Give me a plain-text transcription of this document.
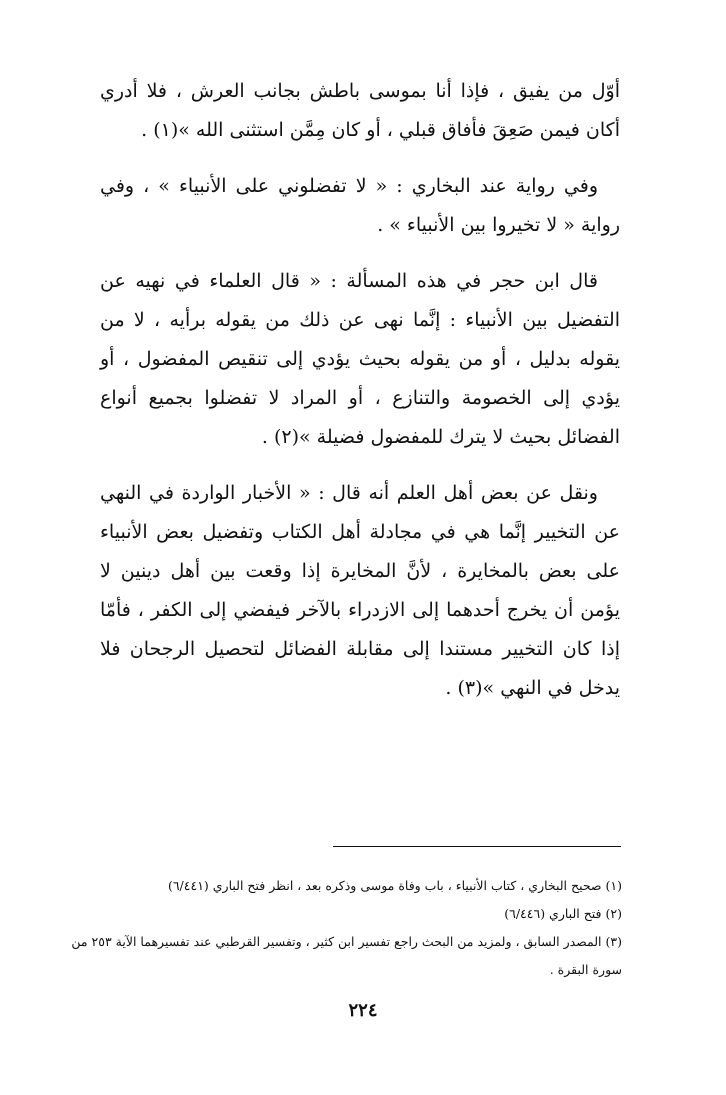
أوّل من يفيق ، فإذا أنا بموسى باطش بجانب العرش ، فلا أدري أكان فيمن صَعِقَ فأفاق قبلي ، أو كان مِمَّن استثنى الله »(١) .

وفي رواية عند البخاري : « لا تفضلوني على الأنبياء » ، وفي رواية « لا تخيروا بين الأنبياء » .

قال ابن حجر في هذه المسألة : « قال العلماء في نهيه عن التفضيل بين الأنبياء : إنَّما نهى عن ذلك من يقوله برأيه ، لا من يقوله بدليل ، أو من يقوله بحيث يؤدي إلى تنقيص المفضول ، أو يؤدي إلى الخصومة والتنازع ، أو المراد لا تفضلوا بجميع أنواع الفضائل بحيث لا يترك للمفضول فضيلة »(٢) .

ونقل عن بعض أهل العلم أنه قال : « الأخبار الواردة في النهي عن التخيير إنَّما هي في مجادلة أهل الكتاب وتفضيل بعض الأنبياء على بعض بالمخايرة ، لأنَّ المخايرة إذا وقعت بين أهل دينين لا يؤمن أن يخرج أحدهما إلى الازدراء بالآخر فيفضي إلى الكفر ، فأمّا إذا كان التخيير مستندا إلى مقابلة الفضائل لتحصيل الرجحان فلا يدخل في النهي »(٣) .

(١) صحيح البخاري ، كتاب الأنبياء ، باب وفاة موسى وذكره بعد ، انظر فتح الباري (٦/٤٤١)

(٢) فتح الباري (٦/٤٤٦)

(٣) المصدر السابق ، ولمزيد من البحث راجع تفسير ابن كثير ، وتفسير القرطبي عند تفسيرهما الآية ٢٥٣ من سورة البقرة .

٢٢٤
